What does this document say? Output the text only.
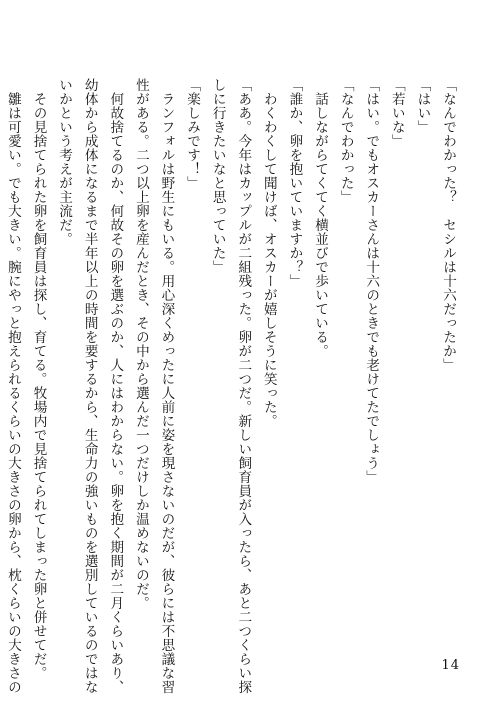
「なんでわかった？　セシルは十六だったか」
「はい」
「若いな」
「はい。でもオスカーさんは十六のときでも老けてたでしょう」
「なんでわかった」
　話しながらてくてく横並びで歩いている。
「誰か、卵を抱いていますか？」
　わくわくして聞けば、オスカーが嬉しそうに笑った。
「ああ。今年はカップルが二組残った。卵が二つだ。新しい飼育員が入ったら、あと二つくらい探
しに行きたいなと思っていた」
「楽しみです！」
　ランフォルは野生にもいる。用心深くめったに人前に姿を現さないのだが、彼らには不思議な習
性がある。二つ以上卵を産んだとき、その中から選んだ一つだけしか温めないのだ。
　何故捨てるのか、何故その卵を選ぶのか、人にはわからない。卵を抱く期間が二月くらいあり、
幼体から成体になるまで半年以上の時間を要するから、生命力の強いものを選別しているのではな
いかという考えが主流だ。
　その見捨てられた卵を飼育員は探し、育てる。牧場内で見捨てられてしまった卵と併せてだ。
　雛は可愛い。でも大きい。腕にやっと抱えられるくらいの大きさの卵から、枕くらいの大きさの	14
